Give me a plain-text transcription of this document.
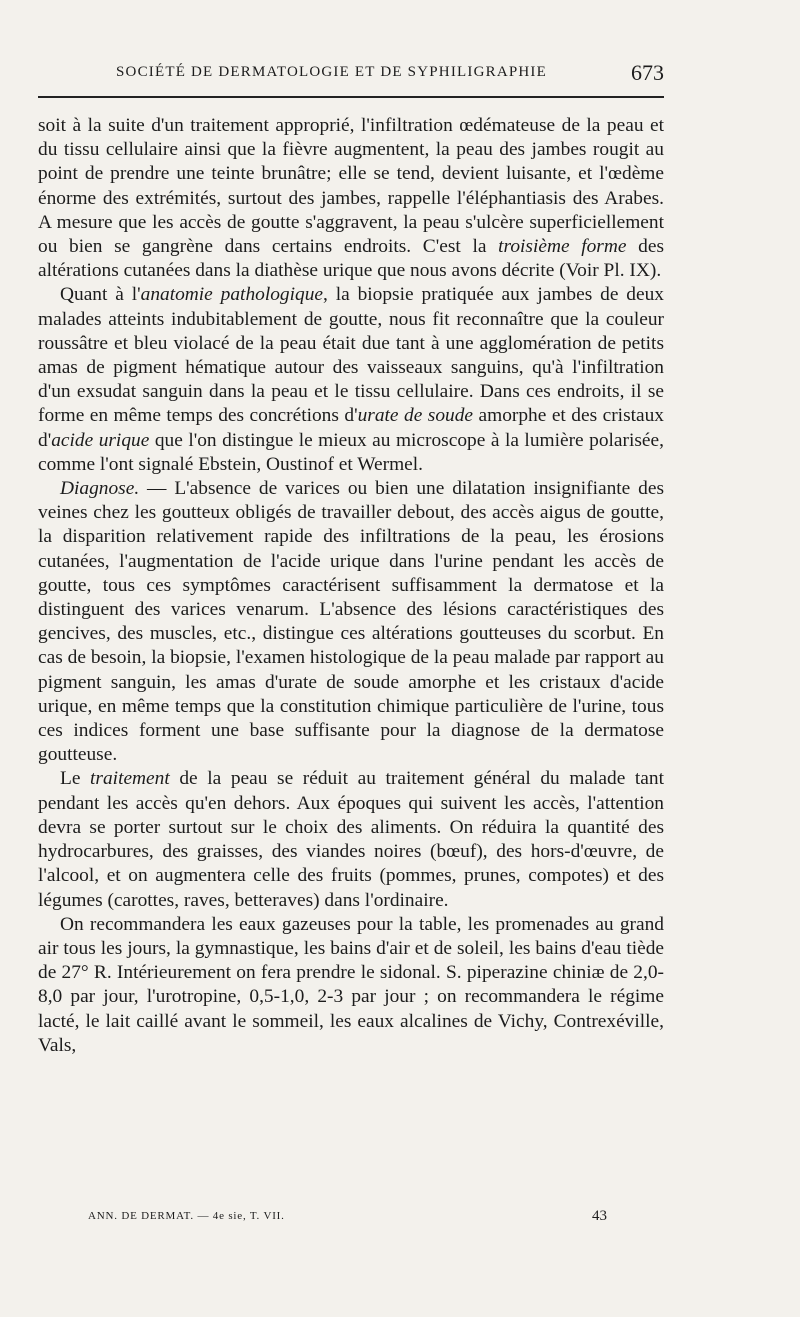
SOCIÉTÉ DE DERMATOLOGIE ET DE SYPHILIGRAPHIE	673

soit à la suite d'un traitement approprié, l'infiltration œdémateuse de la peau et du tissu cellulaire ainsi que la fièvre augmentent, la peau des jambes rougit au point de prendre une teinte brunâtre; elle se tend, devient luisante, et l'œdème énorme des extrémités, surtout des jambes, rappelle l'éléphantiasis des Arabes. A mesure que les accès de goutte s'aggravent, la peau s'ulcère superficiellement ou bien se gangrène dans certains endroits. C'est la troisième forme des altérations cutanées dans la diathèse urique que nous avons décrite (Voir Pl. IX).

Quant à l'anatomie pathologique, la biopsie pratiquée aux jambes de deux malades atteints indubitablement de goutte, nous fit reconnaître que la couleur roussâtre et bleu violacé de la peau était due tant à une agglomération de petits amas de pigment hématique autour des vaisseaux sanguins, qu'à l'infiltration d'un exsudat sanguin dans la peau et le tissu cellulaire. Dans ces endroits, il se forme en même temps des concrétions d'urate de soude amorphe et des cristaux d'acide urique que l'on distingue le mieux au microscope à la lumière polarisée, comme l'ont signalé Ebstein, Oustinof et Wermel.

Diagnose. — L'absence de varices ou bien une dilatation insignifiante des veines chez les goutteux obligés de travailler debout, des accès aigus de goutte, la disparition relativement rapide des infiltrations de la peau, les érosions cutanées, l'augmentation de l'acide urique dans l'urine pendant les accès de goutte, tous ces symptômes caractérisent suffisamment la dermatose et la distinguent des varices venarum. L'absence des lésions caractéristiques des gencives, des muscles, etc., distingue ces altérations goutteuses du scorbut. En cas de besoin, la biopsie, l'examen histologique de la peau malade par rapport au pigment sanguin, les amas d'urate de soude amorphe et les cristaux d'acide urique, en même temps que la constitution chimique particulière de l'urine, tous ces indices forment une base suffisante pour la diagnose de la dermatose goutteuse.

Le traitement de la peau se réduit au traitement général du malade tant pendant les accès qu'en dehors. Aux époques qui suivent les accès, l'attention devra se porter surtout sur le choix des aliments. On réduira la quantité des hydrocarbures, des graisses, des viandes noires (bœuf), des hors-d'œuvre, de l'alcool, et on augmentera celle des fruits (pommes, prunes, compotes) et des légumes (carottes, raves, betteraves) dans l'ordinaire.

On recommandera les eaux gazeuses pour la table, les promenades au grand air tous les jours, la gymnastique, les bains d'air et de soleil, les bains d'eau tiède de 27° R. Intérieurement on fera prendre le sidonal. S. piperazine chiniæ de 2,0-8,0 par jour, l'urotropine, 0,5-1,0, 2-3 par jour ; on recommandera le régime lacté, le lait caillé avant le sommeil, les eaux alcalines de Vichy, Contrexéville, Vals,

ANN. DE DERMAT. — 4e sie, T. VII.	43
